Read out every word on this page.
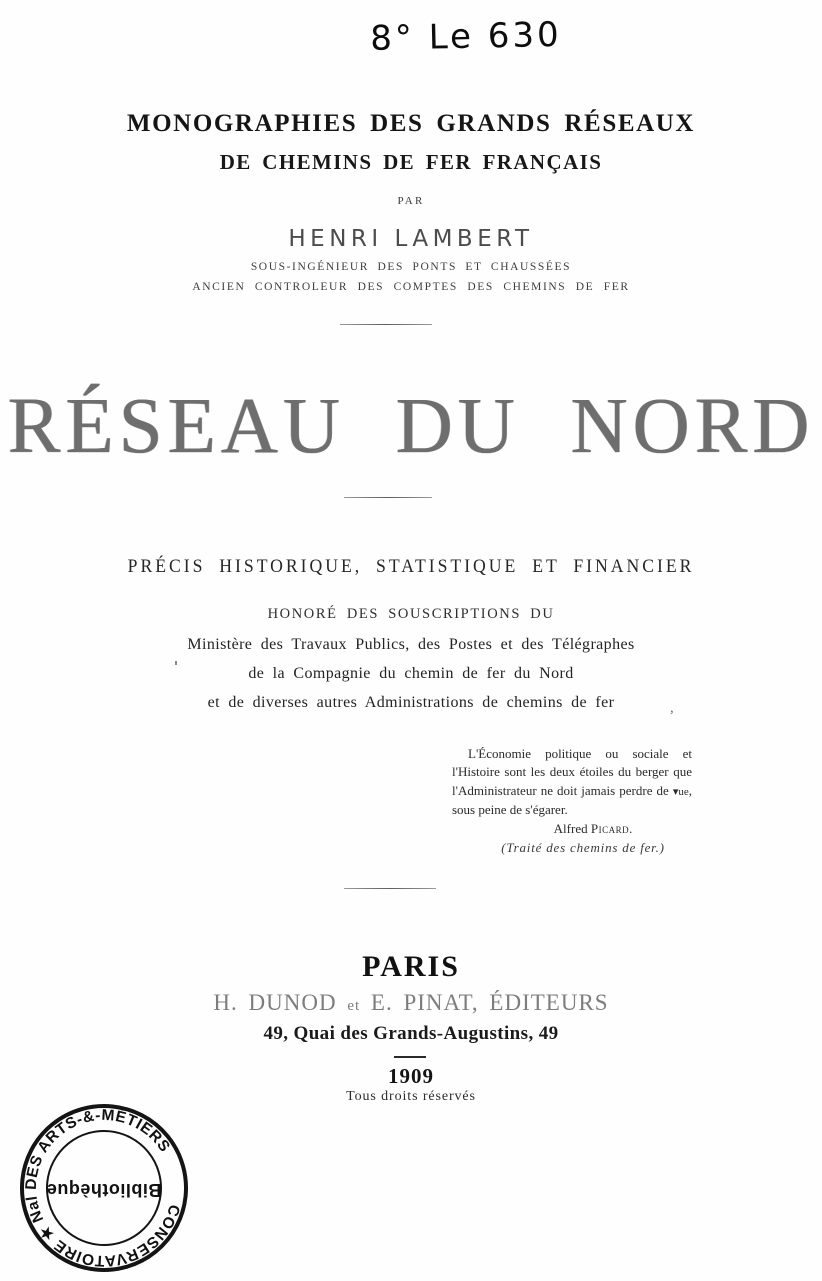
8° Le 630
MONOGRAPHIES DES GRANDS RÉSEAUX
DE CHEMINS DE FER FRANÇAIS
PAR
HENRI LAMBERT
SOUS-INGÉNIEUR DES PONTS ET CHAUSSÉES
ANCIEN CONTROLEUR DES COMPTES DES CHEMINS DE FER
RÉSEAU DU NORD
PRÉCIS HISTORIQUE, STATISTIQUE ET FINANCIER
HONORÉ DES SOUSCRIPTIONS DU
Ministère des Travaux Publics, des Postes et des Télégraphes
de la Compagnie du chemin de fer du Nord
et de diverses autres Administrations de chemins de fer	,
L'Économie politique ou sociale et l'Histoire sont les deux étoiles du berger que l'Administrateur ne doit jamais perdre de ▾ue, sous peine de s'égarer.
Alfred Picard.
(Traité des chemins de fer.)
PARIS
H. DUNOD et E. PINAT, ÉDITEURS
49, Quai des Grands-Augustins, 49
1909
Tous droits réservés
CONSERVATOIRE ★ Nal DES ARTS-&-MÉTIERS
Bibliothèque
